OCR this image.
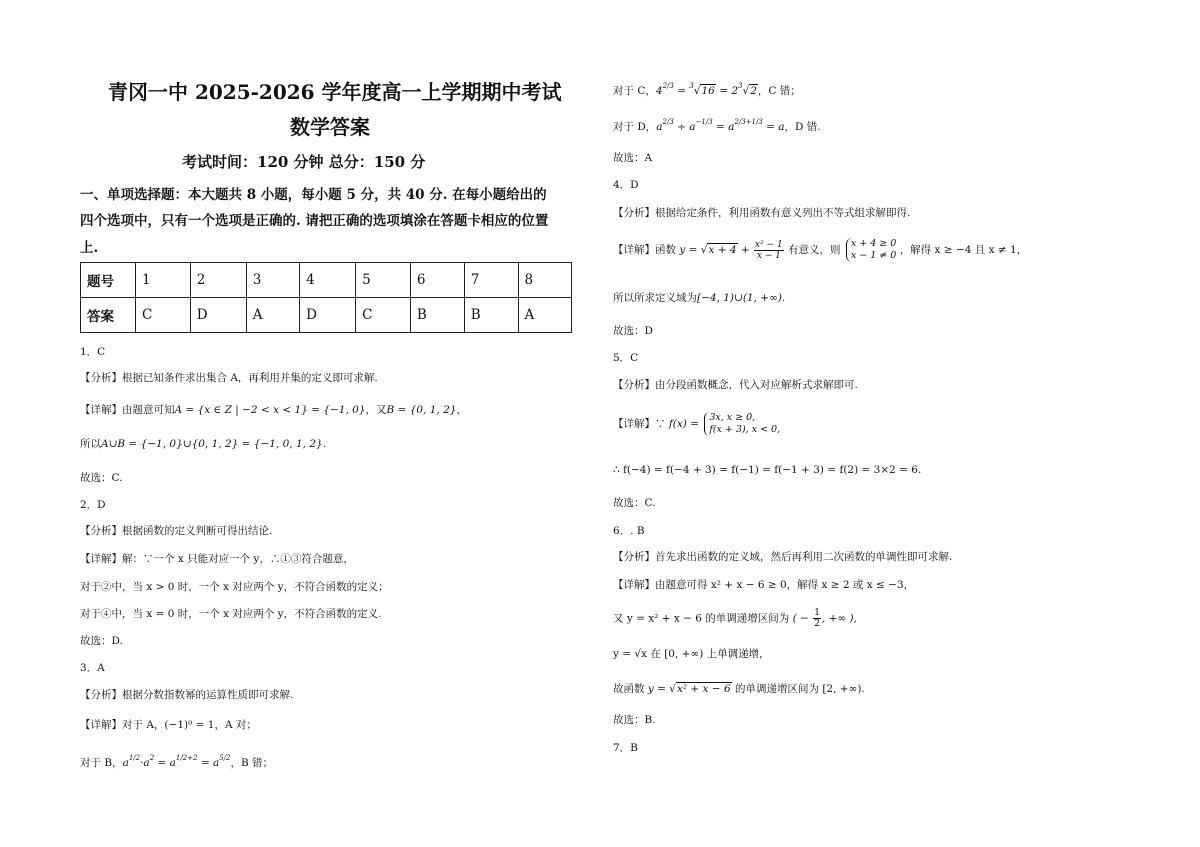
青冈一中 2025-2026 学年度高一上学期期中考试
数学答案
考试时间：120 分钟 总分：150 分
一、单项选择题：本大题共 8 小题，每小题 5 分，共 40 分. 在每小题给出的
四个选项中，只有一个选项是正确的. 请把正确的选项填涂在答题卡相应的位置
上.
题号	1	2	3	4	5	6	7	8
答案	C	D	A	D	C	B	B	A
1．C
【分析】根据已知条件求出集合 A，再利用并集的定义即可求解.
【详解】由题意可知A = {x ∈ Z | −2 < x < 1} = {−1, 0}，又B = {0, 1, 2}，
所以A∪B = {−1, 0}∪{0, 1, 2} = {−1, 0, 1, 2}.
故选：C.
2．D
【分析】根据函数的定义判断可得出结论.
【详解】解：∵一个 x 只能对应一个 y，∴①③符合题意，
对于②中，当 x > 0 时，一个 x 对应两个 y，不符合函数的定义；
对于④中，当 x = 0 时，一个 x 对应两个 y，不符合函数的定义.
故选：D.
3．A
【分析】根据分数指数幂的运算性质即可求解.
【详解】对于 A，(−1)⁰ = 1，A 对；
对于 B，$a^{1/2}\cdot a^2 = a^{1/2+2} = a^{5/2}$，B 错；
对于 C，$4^{2/3} = ^3√16 = 2^3√2$，C 错；
对于 D，$a^{2/3} \div a^{-1/3} = a^{2/3+1/3} = a$，D 错.
故选：A
4．D
【分析】根据给定条件，利用函数有意义列出不等式组求解即得.
【详解】函数 $y = √x + 4 + \frac{\text{x² − 1}}{x - 1}$ 有意义，则 x + 4 ≥ 0
x − 1 ≠ 0 ，解得 x ≥ −4 且 x ≠ 1，
所以所求定义域为[−4, 1)∪(1, +∞).
故选：D
5．C
【分析】由分段函数概念，代入对应解析式求解即可.
【详解】∵ f(x) = 3x, x ≥ 0,
f(x + 3), x < 0,
∴ f(−4) = f(−4 + 3) = f(−1) = f(−1 + 3) = f(2) = 3×2 = 6.
故选：C.
6．. B
【分析】首先求出函数的定义域，然后再利用二次函数的单调性即可求解.
【详解】由题意可得 x² + x − 6 ≥ 0，解得 x ≥ 2 或 x ≤ −3，
又 y = x² + x − 6 的单调递增区间为 ( − $\frac{1}{2}$ , +∞ ),
y = √x 在 [0, +∞) 上单调递增，
故函数 y = √x² + x − 6 的单调递增区间为 [2, +∞).
故选：B.
7．B
